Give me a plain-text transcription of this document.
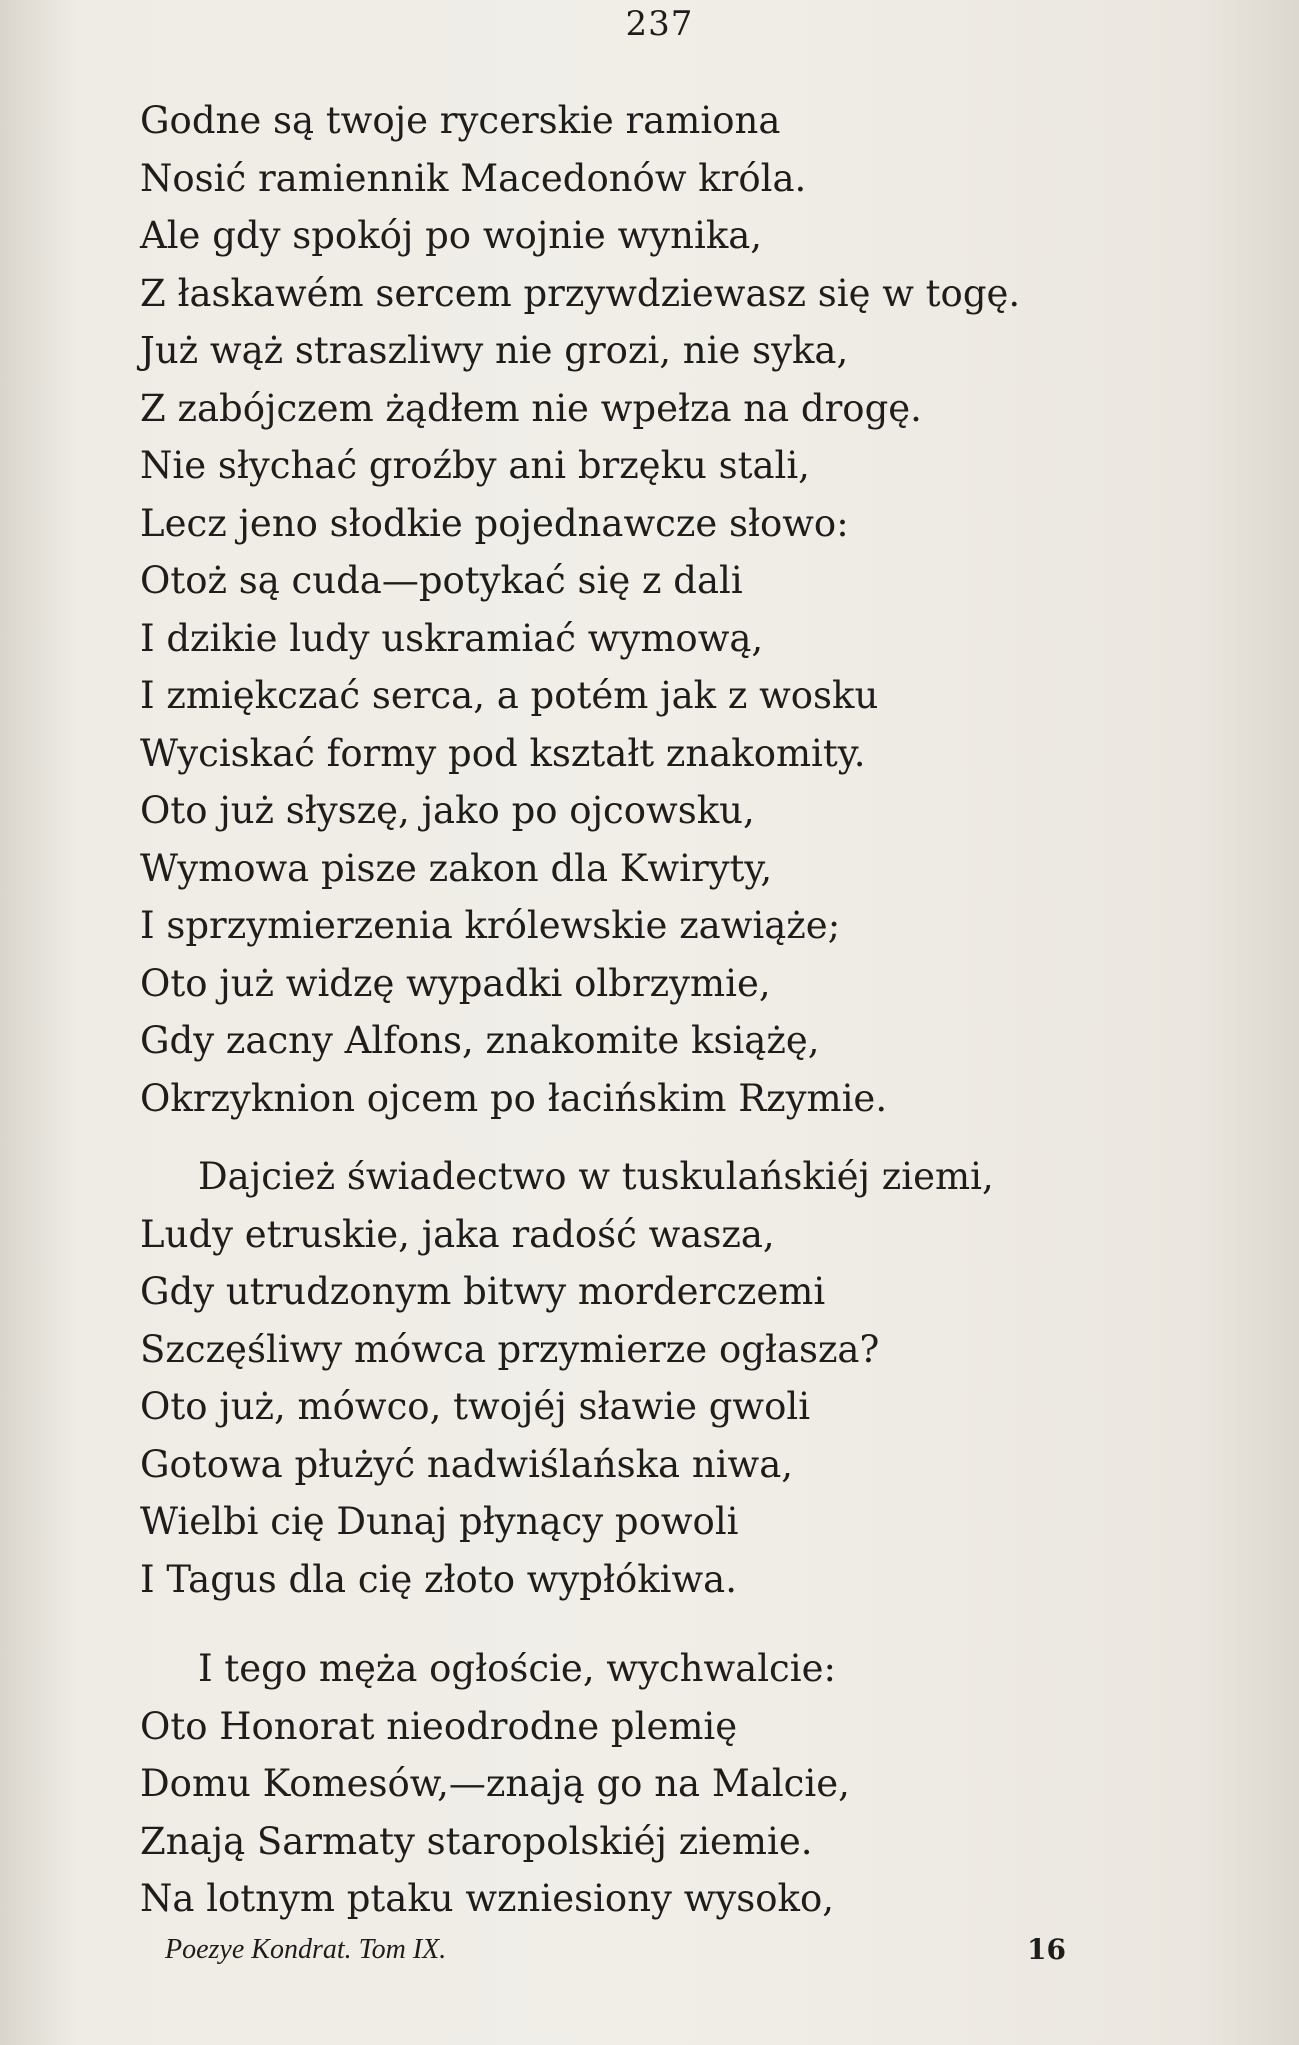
237
Godne są twoje rycerskie ramiona
Nosić ramiennik Macedonów króla.
Ale gdy spokój po wojnie wynika,
Z łaskawém sercem przywdziewasz się w togę.
Już wąż straszliwy nie grozi, nie syka,
Z zabójczem żądłem nie wpełza na drogę.
Nie słychać groźby ani brzęku stali,
Lecz jeno słodkie pojednawcze słowo:
Otoż są cuda—potykać się z dali
I dzikie ludy uskramiać wymową,
I zmiękczać serca, a potém jak z wosku
Wyciskać formy pod kształt znakomity.
Oto już słyszę, jako po ojcowsku,
Wymowa pisze zakon dla Kwiryty,
I sprzymierzenia królewskie zawiąże;
Oto już widzę wypadki olbrzymie,
Gdy zacny Alfons, znakomite książę,
Okrzyknion ojcem po łacińskim Rzymie.
Dajcież świadectwo w tuskulańskiéj ziemi,
Ludy etruskie, jaka radość wasza,
Gdy utrudzonym bitwy morderczemi
Szczęśliwy mówca przymierze ogłasza?
Oto już, mówco, twojéj sławie gwoli
Gotowa płużyć nadwiślańska niwa,
Wielbi cię Dunaj płynący powoli
I Tagus dla cię złoto wypłókiwa.
I tego męża ogłoście, wychwalcie:
Oto Honorat nieodrodne plemię
Domu Komesów,—znają go na Malcie,
Znają Sarmaty staropolskiéj ziemie.
Na lotnym ptaku wzniesiony wysoko,
Poezye Kondrat. Tom IX.	16
